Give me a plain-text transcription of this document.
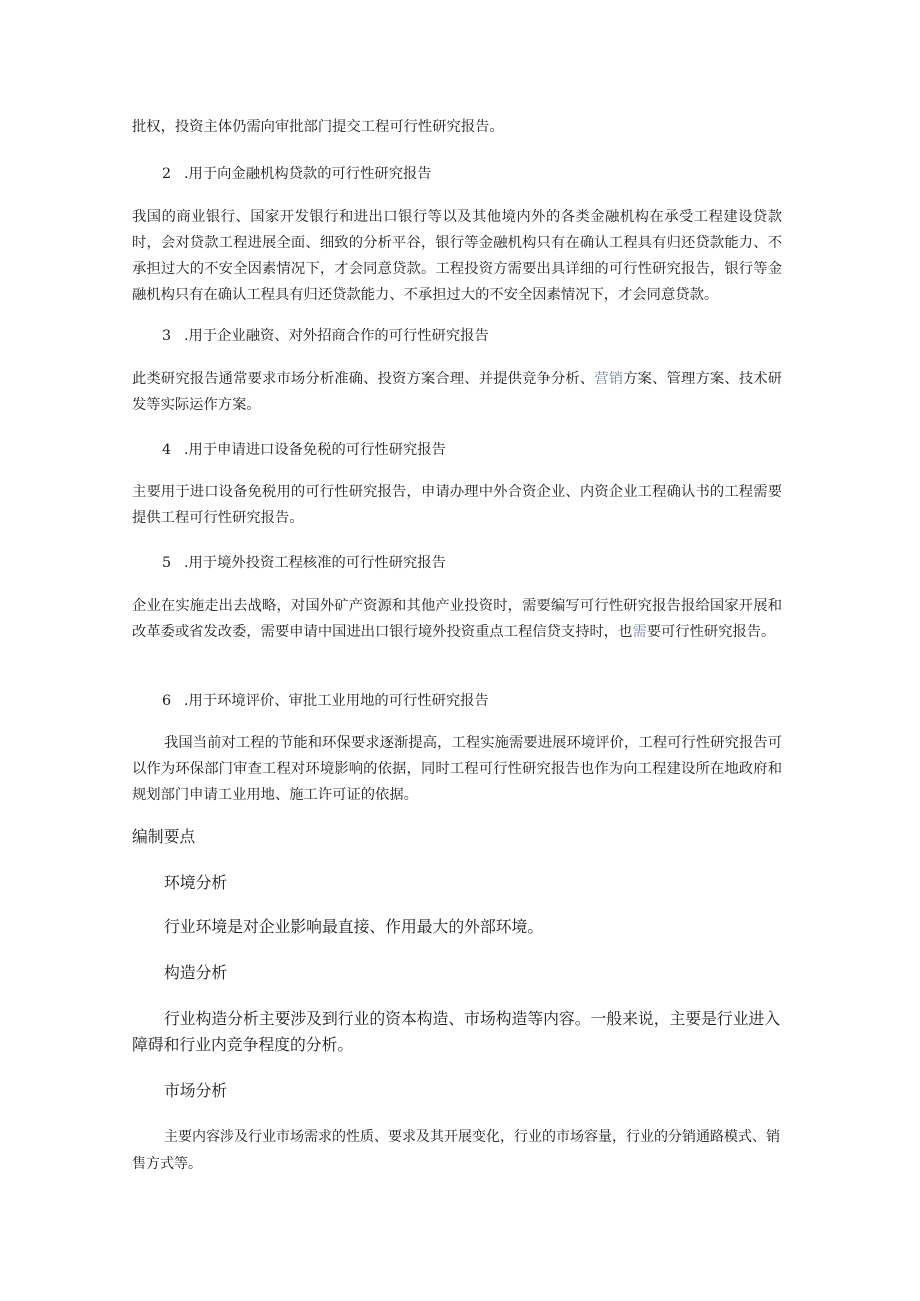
批权，投资主体仍需向审批部门提交工程可行性研究报告。

2 .用于向金融机构贷款的可行性研究报告

我国的商业银行、国家开发银行和进出口银行等以及其他境内外的各类金融机构在承受工程建设贷款时，会对贷款工程进展全面、细致的分析平谷，银行等金融机构只有在确认工程具有归还贷款能力、不承担过大的不安全因素情况下，才会同意贷款。工程投资方需要出具详细的可行性研究报告，银行等金融机构只有在确认工程具有归还贷款能力、不承担过大的不安全因素情况下，才会同意贷款。

3 .用于企业融资、对外招商合作的可行性研究报告

此类研究报告通常要求市场分析准确、投资方案合理、并提供竞争分析、营销方案、管理方案、技术研发等实际运作方案。

4 .用于申请进口设备免税的可行性研究报告

主要用于进口设备免税用的可行性研究报告，申请办理中外合资企业、内资企业工程确认书的工程需要提供工程可行性研究报告。

5 .用于境外投资工程核准的可行性研究报告

企业在实施走出去战略，对国外矿产资源和其他产业投资时，需要编写可行性研究报告报给国家开展和改革委或省发改委，需要申请中国进出口银行境外投资重点工程信贷支持时，也需要可行性研究报告。

6 .用于环境评价、审批工业用地的可行性研究报告

我国当前对工程的节能和环保要求逐渐提高，工程实施需要进展环境评价，工程可行性研究报告可以作为环保部门审查工程对环境影响的依据，同时工程可行性研究报告也作为向工程建设所在地政府和规划部门申请工业用地、施工许可证的依据。

编制要点
环境分析

行业环境是对企业影响最直接、作用最大的外部环境。

构造分析

行业构造分析主要涉及到行业的资本构造、市场构造等内容。一般来说，主要是行业进入障碍和行业内竞争程度的分析。

市场分析

主要内容涉及行业市场需求的性质、要求及其开展变化，行业的市场容量，行业的分销通路模式、销售方式等。
